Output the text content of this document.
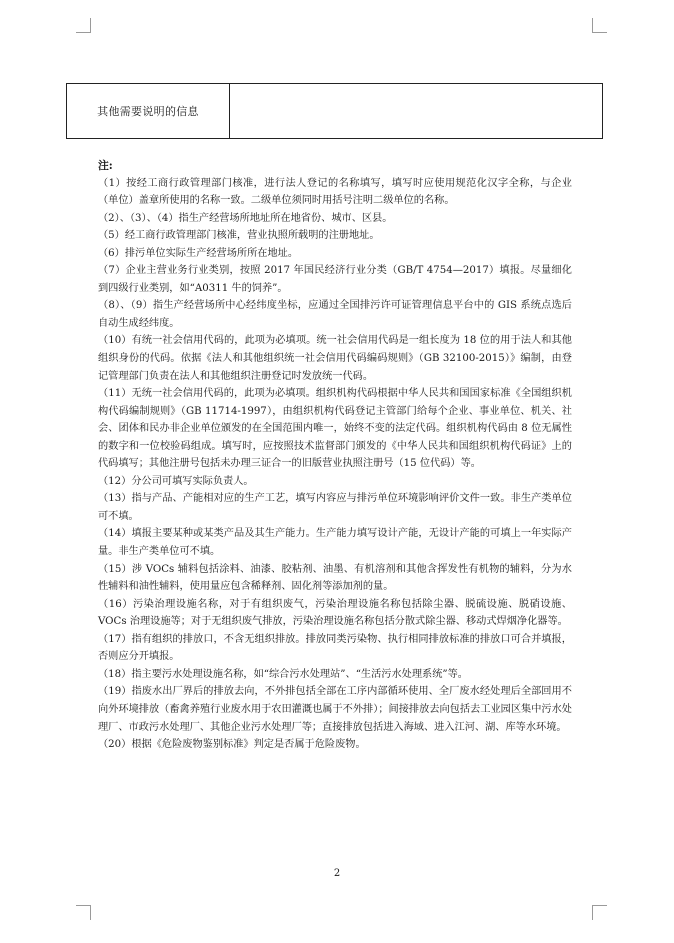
其他需要说明的信息
注:

（1）按经工商行政管理部门核准，进行法人登记的名称填写，填写时应使用规范化汉字全称，与企业（单位）盖章所使用的名称一致。二级单位须同时用括号注明二级单位的名称。

（2）、（3）、（4）指生产经营场所地址所在地省份、城市、区县。

（5）经工商行政管理部门核准，营业执照所载明的注册地址。

（6）排污单位实际生产经营场所所在地址。

（7）企业主营业务行业类别，按照 2017 年国民经济行业分类（GB/T 4754—2017）填报。尽量细化到四级行业类别，如“A0311 牛的饲养”。

（8）、（9）指生产经营场所中心经纬度坐标，应通过全国排污许可证管理信息平台中的 GIS 系统点选后自动生成经纬度。

（10）有统一社会信用代码的，此项为必填项。统一社会信用代码是一组长度为 18 位的用于法人和其他组织身份的代码。依据《法人和其他组织统一社会信用代码编码规则》（GB 32100-2015）》编制，由登记管理部门负责在法人和其他组织注册登记时发放统一代码。

（11）无统一社会信用代码的，此项为必填项。组织机构代码根据中华人民共和国国家标准《全国组织机构代码编制规则》（GB 11714-1997），由组织机构代码登记主管部门给每个企业、事业单位、机关、社会、团体和民办非企业单位颁发的在全国范围内唯一，始终不变的法定代码。组织机构代码由 8 位无属性的数字和一位校验码组成。填写时，应按照技术监督部门颁发的《中华人民共和国组织机构代码证》上的代码填写；其他注册号包括未办理三证合一的旧版营业执照注册号（15 位代码）等。

（12）分公司可填写实际负责人。

（13）指与产品、产能相对应的生产工艺，填写内容应与排污单位环境影响评价文件一致。非生产类单位可不填。

（14）填报主要某种或某类产品及其生产能力。生产能力填写设计产能，无设计产能的可填上一年实际产量。非生产类单位可不填。

（15）涉 VOCs 辅料包括涂料、油漆、胶粘剂、油墨、有机溶剂和其他含挥发性有机物的辅料，分为水性辅料和油性辅料，使用量应包含稀释剂、固化剂等添加剂的量。

（16）污染治理设施名称，对于有组织废气，污染治理设施名称包括除尘器、脱硫设施、脱硝设施、VOCs 治理设施等；对于无组织废气排放，污染治理设施名称包括分散式除尘器、移动式焊烟净化器等。

（17）指有组织的排放口，不含无组织排放。排放同类污染物、执行相同排放标准的排放口可合并填报，否则应分开填报。

（18）指主要污水处理设施名称，如“综合污水处理站”、“生活污水处理系统”等。

（19）指废水出厂界后的排放去向，不外排包括全部在工序内部循环使用、全厂废水经处理后全部回用不向外环境排放（畜禽养殖行业废水用于农田灌溉也属于不外排）；间接排放去向包括去工业园区集中污水处理厂、市政污水处理厂、其他企业污水处理厂等；直接排放包括进入海域、进入江河、湖、库等水环境。

（20）根据《危险废物鉴别标准》判定是否属于危险废物。

2
